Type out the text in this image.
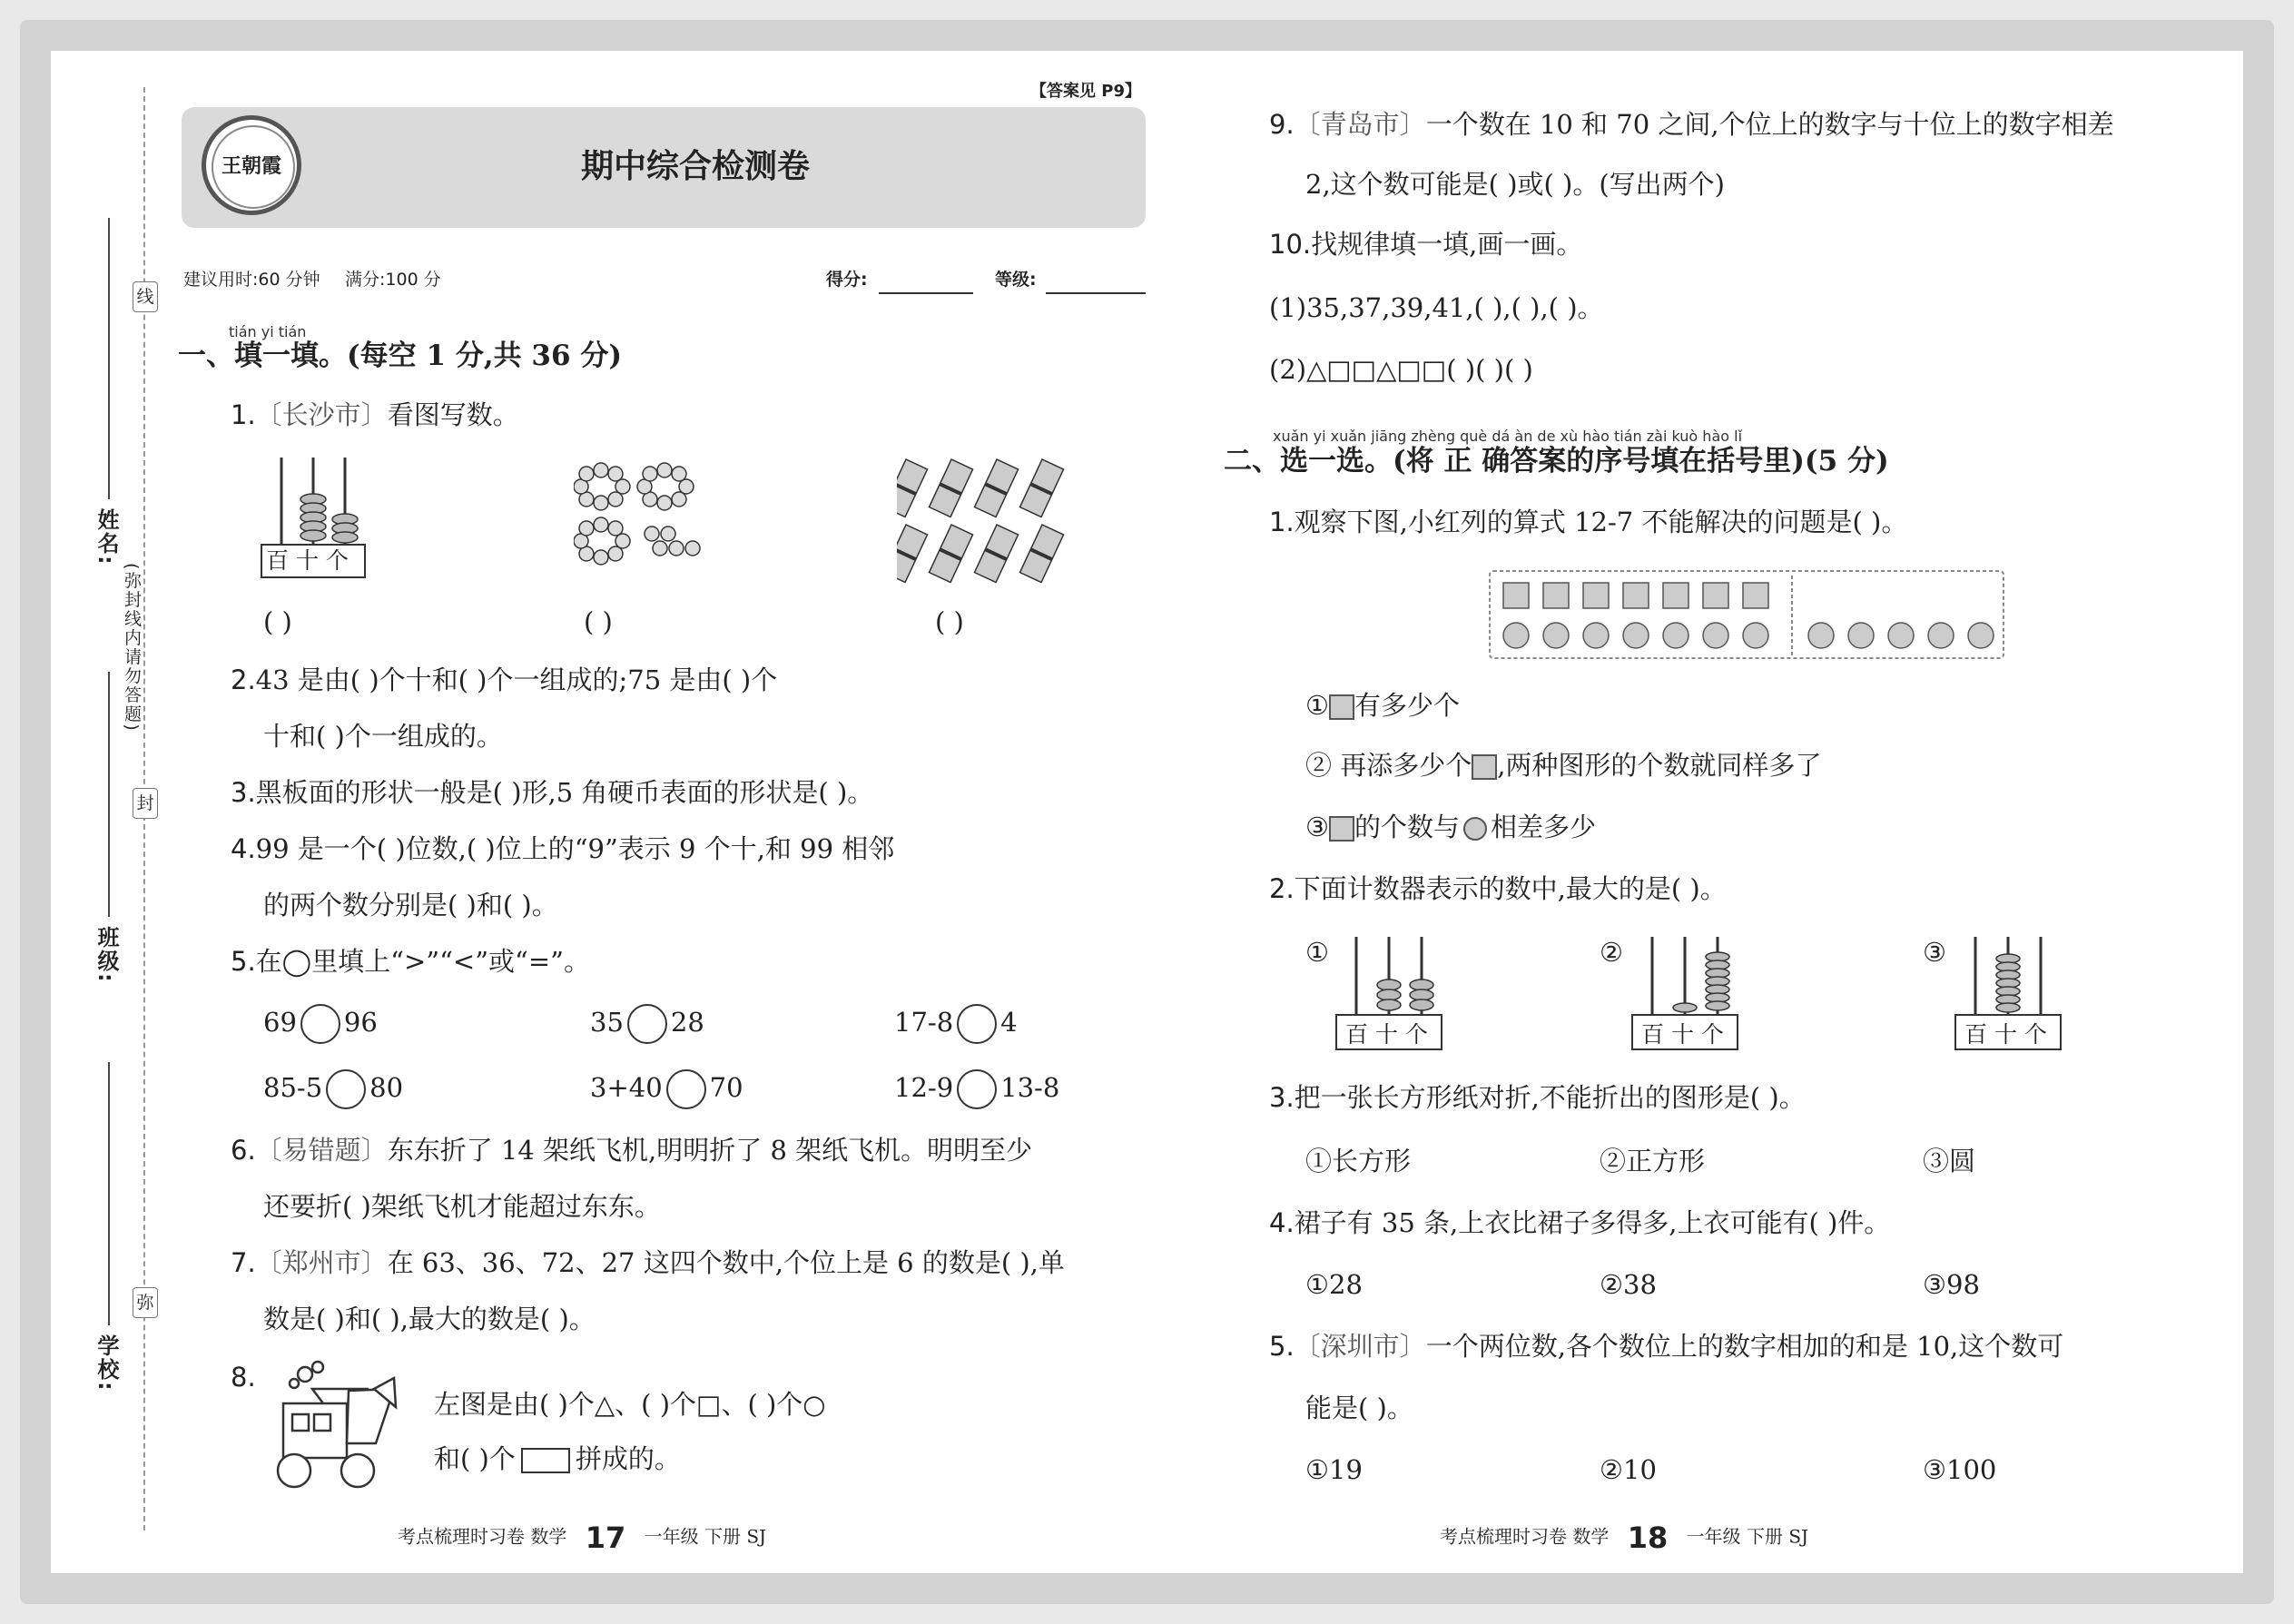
线
封
弥
姓名:
班级:
学校:
(弥封线内请勿答题)
【答案见 P9】
王朝霞	期中综合检测卷
建议用时:60 分钟 满分:100 分	得分:	等级:
tián yi tián
一、填一填。(每空 1 分,共 36 分)
1.〔长沙市〕看图写数。
百 十 个
( )	( )	( )
2.43 是由( )个十和( )个一组成的;75 是由( )个
十和( )个一组成的。
3.黑板面的形状一般是( )形,5 角硬币表面的形状是( )。
4.99 是一个( )位数,( )位上的“9”表示 9 个十,和 99 相邻
的两个数分别是( )和( )。
5.在◯里填上“>”“<”或“=”。
69 96	35 28	17-8 4
85-5 80	3+40 70	12-9 13-8
6.〔易错题〕东东折了 14 架纸飞机,明明折了 8 架纸飞机。明明至少
还要折( )架纸飞机才能超过东东。
7.〔郑州市〕在 63、36、72、27 这四个数中,个位上是 6 的数是( ),单
数是( )和( ),最大的数是( )。
8.
左图是由( )个△、( )个□、( )个○
和( )个 拼成的。
9.〔青岛市〕一个数在 10 和 70 之间,个位上的数字与十位上的数字相差
2,这个数可能是( )或( )。(写出两个)
10.找规律填一填,画一画。
(1)35,37,39,41,( ),( ),( )。
(2)△□□△□□( )( )( )
xuǎn yi xuǎn jiāng zhèng què dá àn de xù hào tián zài kuò hào lǐ
二、选一选。(将 正 确答案的序号填在括号里)(5 分)
1.观察下图,小红列的算式 12-7 不能解决的问题是( )。
① 有多少个
② 再添多少个 ,两种图形的个数就同样多了
③ 的个数与 相差多少
2.下面计数器表示的数中,最大的是( )。
①	②	③
百 十 个	百 十 个	百 十 个
3.把一张长方形纸对折,不能折出的图形是( )。
①长方形	②正方形	③圆
4.裙子有 35 条,上衣比裙子多得多,上衣可能有( )件。
①28	②38	③98
5.〔深圳市〕一个两位数,各个数位上的数字相加的和是 10,这个数可
能是( )。
①19	②10	③100
考点梳理时习卷 数学 17 一年级 下册 SJ	考点梳理时习卷 数学 18 一年级 下册 SJ
